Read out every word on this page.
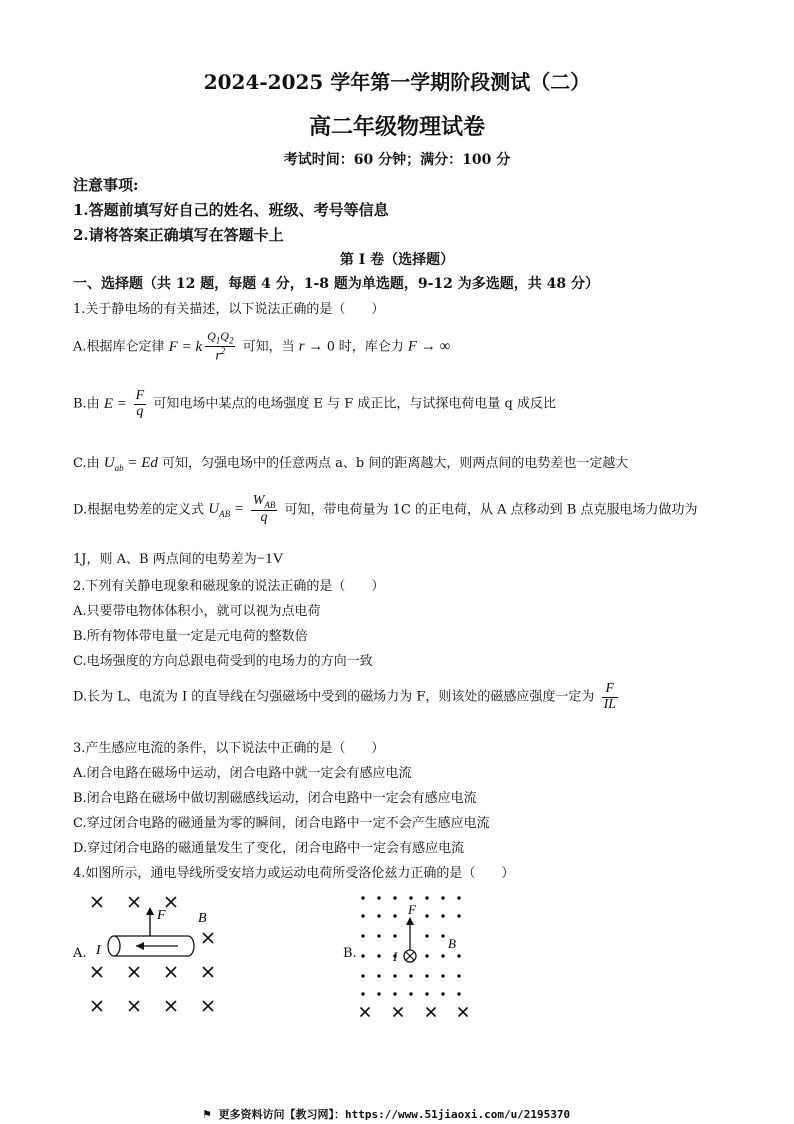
2024-2025 学年第一学期阶段测试（二）
高二年级物理试卷
考试时间：60 分钟；满分：100 分
注意事项:
1.答题前填写好自己的姓名、班级、考号等信息
2.请将答案正确填写在答题卡上
第 I 卷（选择题）
一、选择题（共 12 题，每题 4 分，1-8 题为单选题，9-12 为多选题，共 48 分）
1.关于静电场的有关描述，以下说法正确的是（　　）
A.根据库仑定律 F = k $\frac{Q_1Q_2}{r^2}$ 可知，当 r → 0 时，库仑力 F → ∞
B.由 $E = \frac{F}{q}$ 可知电场中某点的电场强度 E 与 F 成正比，与试探电荷电量 q 成反比
C.由 $U_{ab} = Ed$ 可知，匀强电场中的任意两点 a、b 间的距离越大，则两点间的电势差也一定越大
D.根据电势差的定义式 $U_{AB} = \frac{W_{AB}}{q}$ 可知，带电荷量为 1C 的正电荷，从 A 点移动到 B 点克服电场力做功为
1J，则 A、B 两点间的电势差为−1V
2.下列有关静电现象和磁现象的说法正确的是（　　）
A.只要带电物体体积小，就可以视为点电荷
B.所有物体带电量一定是元电荷的整数倍
C.电场强度的方向总跟电荷受到的电场力的方向一致
D.长为 L、电流为 I 的直导线在匀强磁场中受到的磁场力为 F，则该处的磁感应强度一定为 $\frac{F}{IL}$
3.产生感应电流的条件，以下说法中正确的是（　　）
A.闭合电路在磁场中运动，闭合电路中就一定会有感应电流
B.闭合电路在磁场中做切割磁感线运动，闭合电路中一定会有感应电流
C.穿过闭合电路的磁通量为零的瞬间，闭合电路中一定不会产生感应电流
D.穿过闭合电路的磁通量发生了变化，闭合电路中一定会有感应电流
4.如图所示，通电导线所受安培力或运动电荷所受洛伦兹力正确的是（　　）
A.
F B
I	B.
F
B
I
⚑ 更多资料访问【教习网】：https://www.51jiaoxi.com/u/2195370
